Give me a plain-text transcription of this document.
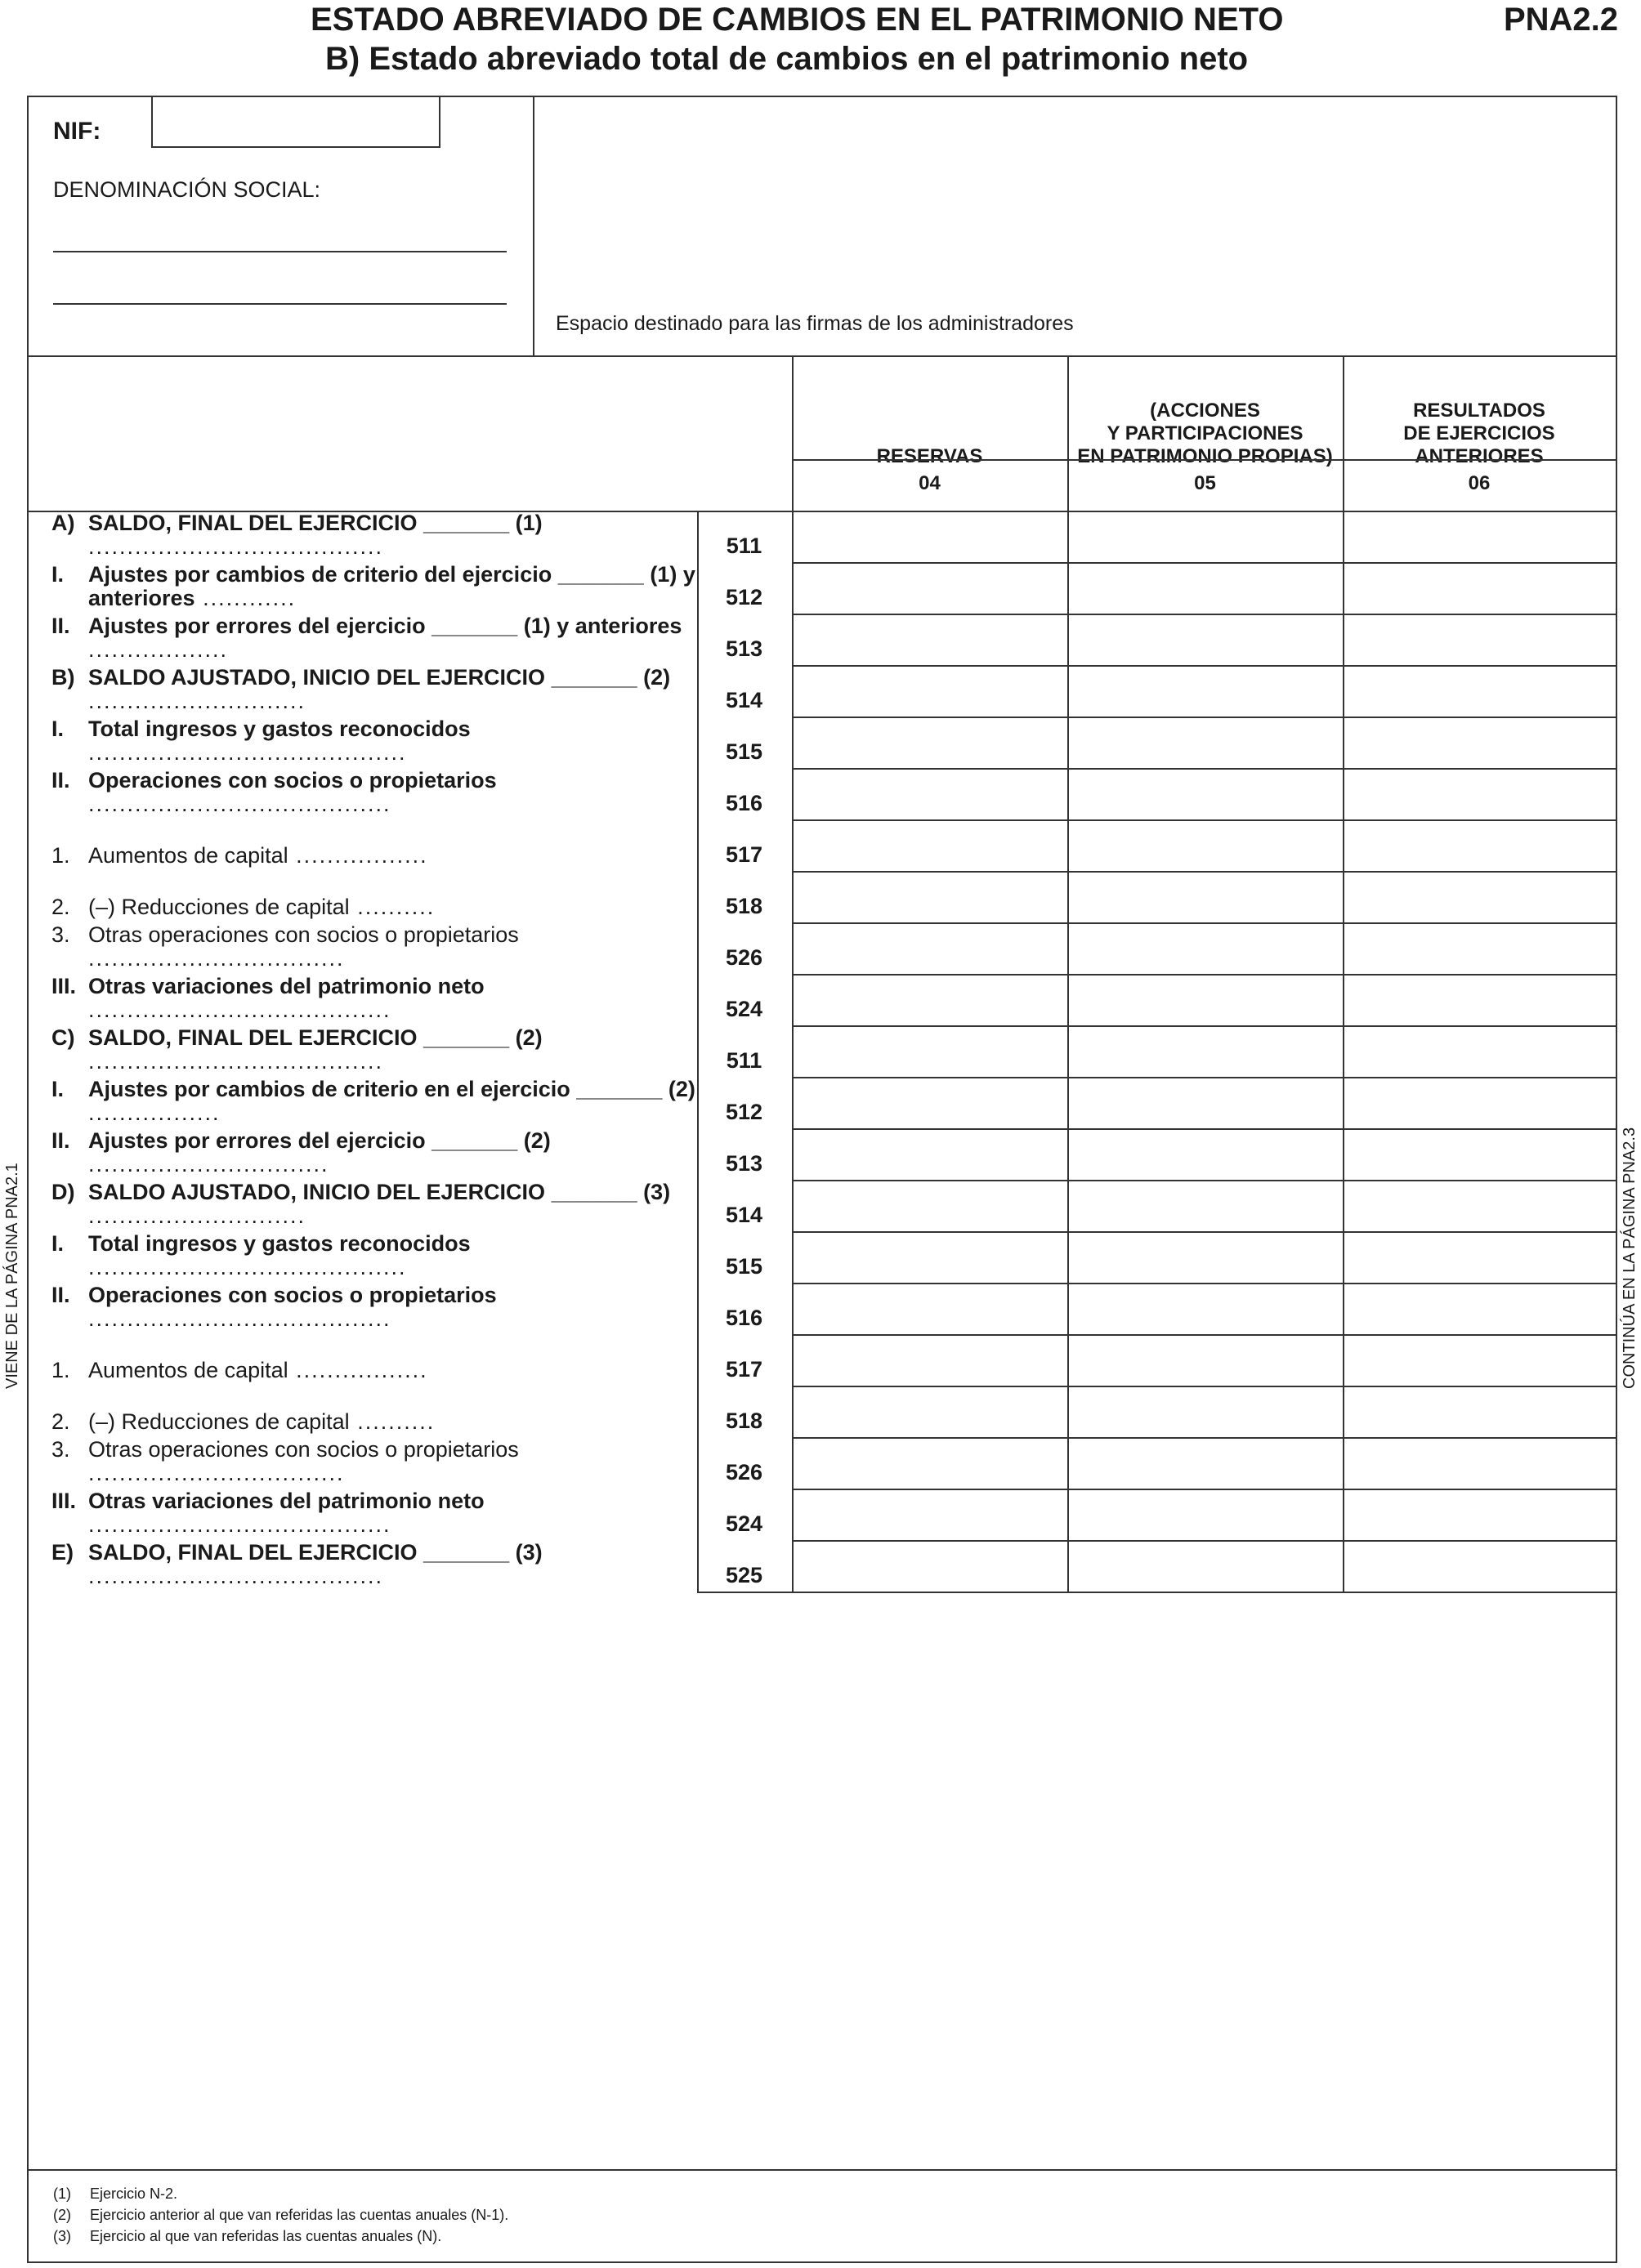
ESTADO ABREVIADO DE CAMBIOS EN EL PATRIMONIO NETO
B) Estado abreviado total de cambios en el patrimonio neto
PNA2.2
VIENE DE LA PÁGINA PNA2.1	CONTINÚA EN LA PÁGINA PNA2.3
NIF:
DENOMINACIÓN SOCIAL:
Espacio destinado para las firmas de los administradores
RESERVAS
04
(ACCIONES
Y PARTICIPACIONES
EN PATRIMONIO PROPIAS)
05
RESULTADOS
DE EJERCICIOS
ANTERIORES
06
A) SALDO, FINAL DEL EJERCICIO _______ (1) ......................................	511
I.	Ajustes por cambios de criterio del ejercicio _______ (1) y anteriores ............	512
II. Ajustes por errores del ejercicio _______ (1) y anteriores ..................	513
B) SALDO AJUSTADO, INICIO DEL EJERCICIO _______ (2) ............................	514
I.	Total ingresos y gastos reconocidos .........................................	515
II. Operaciones con socios o propietarios .......................................	516
1. Aumentos de capital .................	517
2. (–) Reducciones de capital ..........	518
3. Otras operaciones con socios o propietarios .................................	526
III. Otras variaciones del patrimonio neto .......................................	524
C) SALDO, FINAL DEL EJERCICIO _______ (2) ......................................	511
I.	Ajustes por cambios de criterio en el ejercicio _______ (2) .................	512
II. Ajustes por errores del ejercicio _______ (2) ...............................	513
D) SALDO AJUSTADO, INICIO DEL EJERCICIO _______ (3) ............................	514
I.	Total ingresos y gastos reconocidos .........................................	515
II. Operaciones con socios o propietarios .......................................	516
1. Aumentos de capital .................	517
2. (–) Reducciones de capital ..........	518
3. Otras operaciones con socios o propietarios .................................	526
III. Otras variaciones del patrimonio neto .......................................	524
E) SALDO, FINAL DEL EJERCICIO _______ (3) ......................................	525
(1) Ejercicio N-2.
(2) Ejercicio anterior al que van referidas las cuentas anuales (N-1).
(3) Ejercicio al que van referidas las cuentas anuales (N).
